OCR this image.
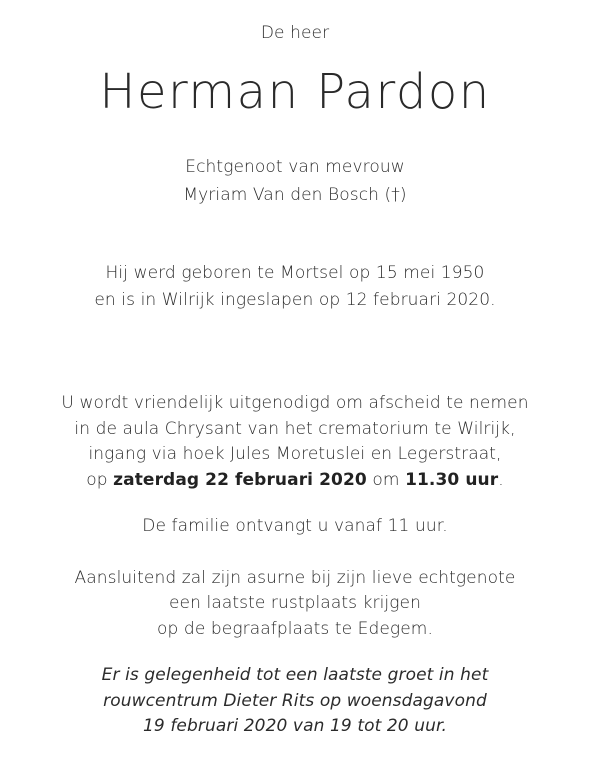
De heer
Herman Pardon
Echtgenoot van mevrouw
Myriam Van den Bosch (†)
Hij werd geboren te Mortsel op 15 mei 1950
en is in Wilrijk ingeslapen op 12 februari 2020.
U wordt vriendelijk uitgenodigd om afscheid te nemen
in de aula Chrysant van het crematorium te Wilrijk,
ingang via hoek Jules Moretuslei en Legerstraat,
op zaterdag 22 februari 2020 om 11.30 uur.
De familie ontvangt u vanaf 11 uur.
Aansluitend zal zijn asurne bij zijn lieve echtgenote
een laatste rustplaats krijgen
op de begraafplaats te Edegem.
Er is gelegenheid tot een laatste groet in het
rouwcentrum Dieter Rits op woensdagavond
19 februari 2020 van 19 tot 20 uur.
